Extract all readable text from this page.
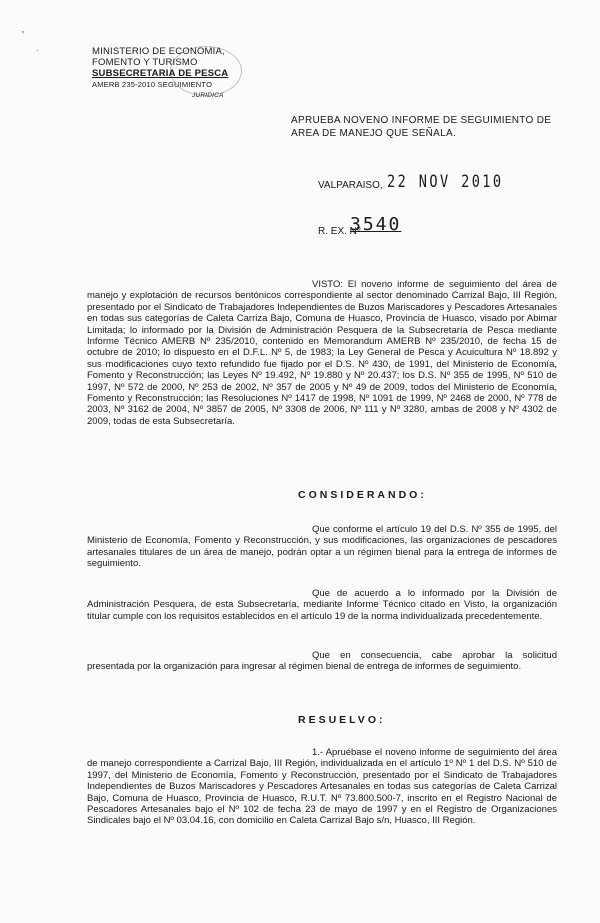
'
·	MINISTERIO DE ECONOMIA,
FOMENTO Y TURISMO
SUBSECRETARIA DE PESCA
AMERB 235-2010 SEGUIMIENTO
JURIDICA
APRUEBA NOVENO INFORME DE SEGUIMIENTO DE AREA DE MANEJO QUE SEÑALA.
VALPARAISO, 22 NOV 2010
R. EX. Nº
3540
VISTO: El noveno informe de seguimiento del área de manejo y explotación de recursos bentónicos correspondiente al sector denominado Carrizal Bajo, III Región, presentado por el Sindicato de Trabajadores Independientes de Buzos Mariscadores y Pescadores Artesanales en todas sus categorías de Caleta Carriza Bajo, Comuna de Huasco, Provincia de Huasco, visado por Abimar Limitada; lo informado por la División de Administración Pesquera de la Subsecretaría de Pesca mediante Informe Técnico AMERB Nº 235/2010, contenido en Memorandum AMERB Nº 235/2010, de fecha 15 de octubre de 2010; lo dispuesto en el D.F.L. Nº 5, de 1983; la Ley General de Pesca y Acuicultura Nº 18.892 y sus modificaciones cuyo texto refundido fue fijado por el D.S. Nº 430, de 1991, del Ministerio de Economía, Fomento y Reconstrucción; las Leyes Nº 19.492, Nº 19.880 y Nº 20.437; los D.S. Nº 355 de 1995, Nº 510 de 1997, Nº 572 de 2000, Nº 253 de 2002, Nº 357 de 2005 y Nº 49 de 2009, todos del Ministerio de Economía, Fomento y Reconstrucción; las Resoluciones Nº 1417 de 1998, Nº 1091 de 1999, Nº 2468 de 2000, Nº 778 de 2003, Nº 3162 de 2004, Nº 3857 de 2005, Nº 3308 de 2006, Nº 111 y Nº 3280, ambas de 2008 y Nº 4302 de 2009, todas de esta Subsecretaría.
CONSIDERANDO:
Que conforme el artículo 19 del D.S. Nº 355 de 1995, del Ministerio de Economía, Fomento y Reconstrucción, y sus modificaciones, las organizaciones de pescadores artesanales titulares de un área de manejo, podrán optar a un régimen bienal para la entrega de informes de seguimiento.
Que de acuerdo a lo informado por la División de Administración Pesquera, de esta Subsecretaría, mediante Informe Técnico citado en Visto, la organización titular cumple con los requisitos establecidos en el artículo 19 de la norma individualizada precedentemente.
Que en consecuencia, cabe aprobar la solicitud presentada por la organización para ingresar al régimen bienal de entrega de informes de seguimiento.
RESUELVO:
1.- Apruébase el noveno informe de seguimiento del área de manejo correspondiente a Carrizal Bajo, III Región, individualizada en el artículo 1º Nº 1 del D.S. Nº 510 de 1997, del Ministerio de Economía, Fomento y Reconstrucción, presentado por el Sindicato de Trabajadores Independientes de Buzos Mariscadores y Pescadores Artesanales en todas sus categorías de Caleta Carrizal Bajo, Comuna de Huasco, Provincia de Huasco, R.U.T. Nº 73.800.500-7, inscrito en el Registro Nacional de Pescadores Artesanales bajo el Nº 102 de fecha 23 de mayo de 1997 y en el Registro de Organizaciones Sindicales bajo el Nº 03.04.16, con domicilio en Caleta Carrizal Bajo s/n, Huasco, III Región.
